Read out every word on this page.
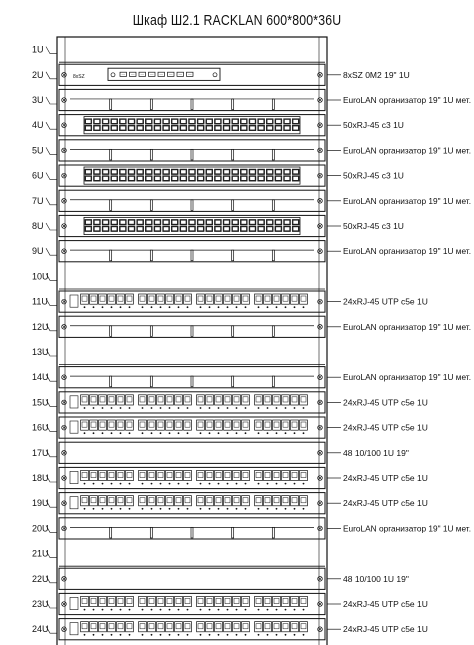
Шкаф Ш2.1 RACKLAN 600*800*36U
1U
2U	8xSZ	8xSZ 0M2 19" 1U
3U	EuroLAN организатор 19" 1U мет.
4U	50xRJ-45 c3 1U
5U	EuroLAN организатор 19" 1U мет.
6U	50xRJ-45 c3 1U
7U	EuroLAN организатор 19" 1U мет.
8U	50xRJ-45 c3 1U
9U	EuroLAN организатор 19" 1U мет.
10U
11U	24xRJ-45 UTP c5e 1U
12U	EuroLAN организатор 19" 1U мет.
13U
14U	EuroLAN организатор 19" 1U мет.
15U	24xRJ-45 UTP c5e 1U
16U	24xRJ-45 UTP c5e 1U
17U	48 10/100 1U 19"
18U	24xRJ-45 UTP c5e 1U
19U	24xRJ-45 UTP c5e 1U
20U	EuroLAN организатор 19" 1U мет.
21U
22U	48 10/100 1U 19"
23U	24xRJ-45 UTP c5e 1U
24U	24xRJ-45 UTP c5e 1U
